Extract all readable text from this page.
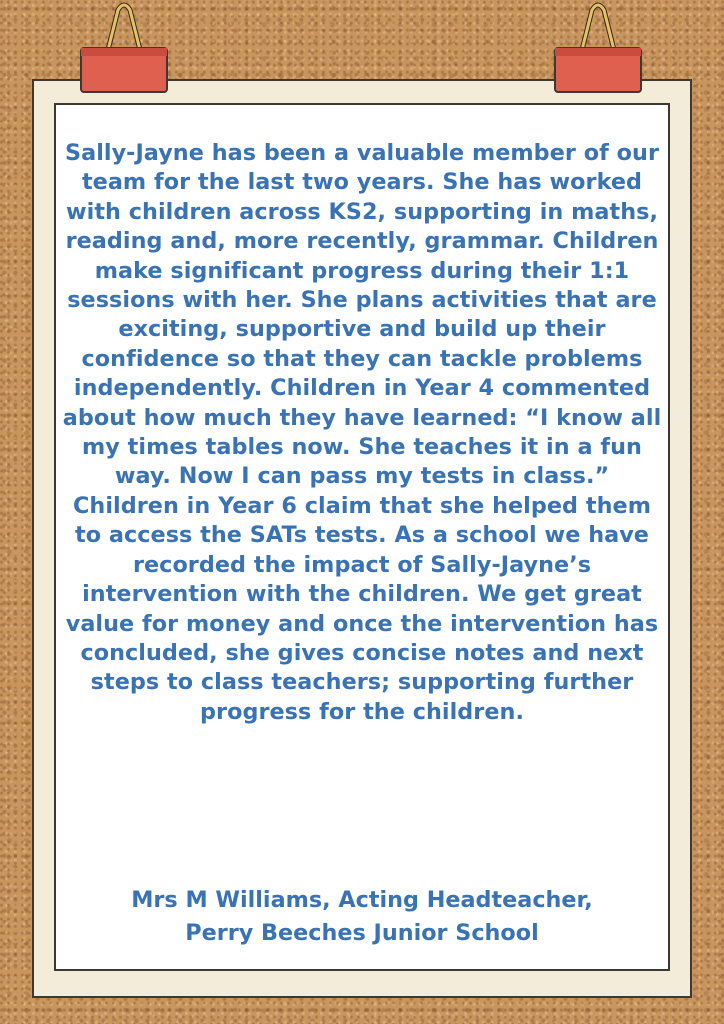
Sally-Jayne has been a valuable member of our team for the last two years. She has worked with children across KS2, supporting in maths, reading and, more recently, grammar. Children make significant progress during their 1:1 sessions with her. She plans activities that are exciting, supportive and build up their confidence so that they can tackle problems independently. Children in Year 4 commented about how much they have learned: “I know all my times tables now. She teaches it in a fun way. Now I can pass my tests in class.” Children in Year 6 claim that she helped them to access the SATs tests. As a school we have recorded the impact of Sally-Jayne’s intervention with the children. We get great value for money and once the intervention has concluded, she gives concise notes and next steps to class teachers; supporting further progress for the children.

Mrs M Williams, Acting Headteacher,
Perry Beeches Junior School
